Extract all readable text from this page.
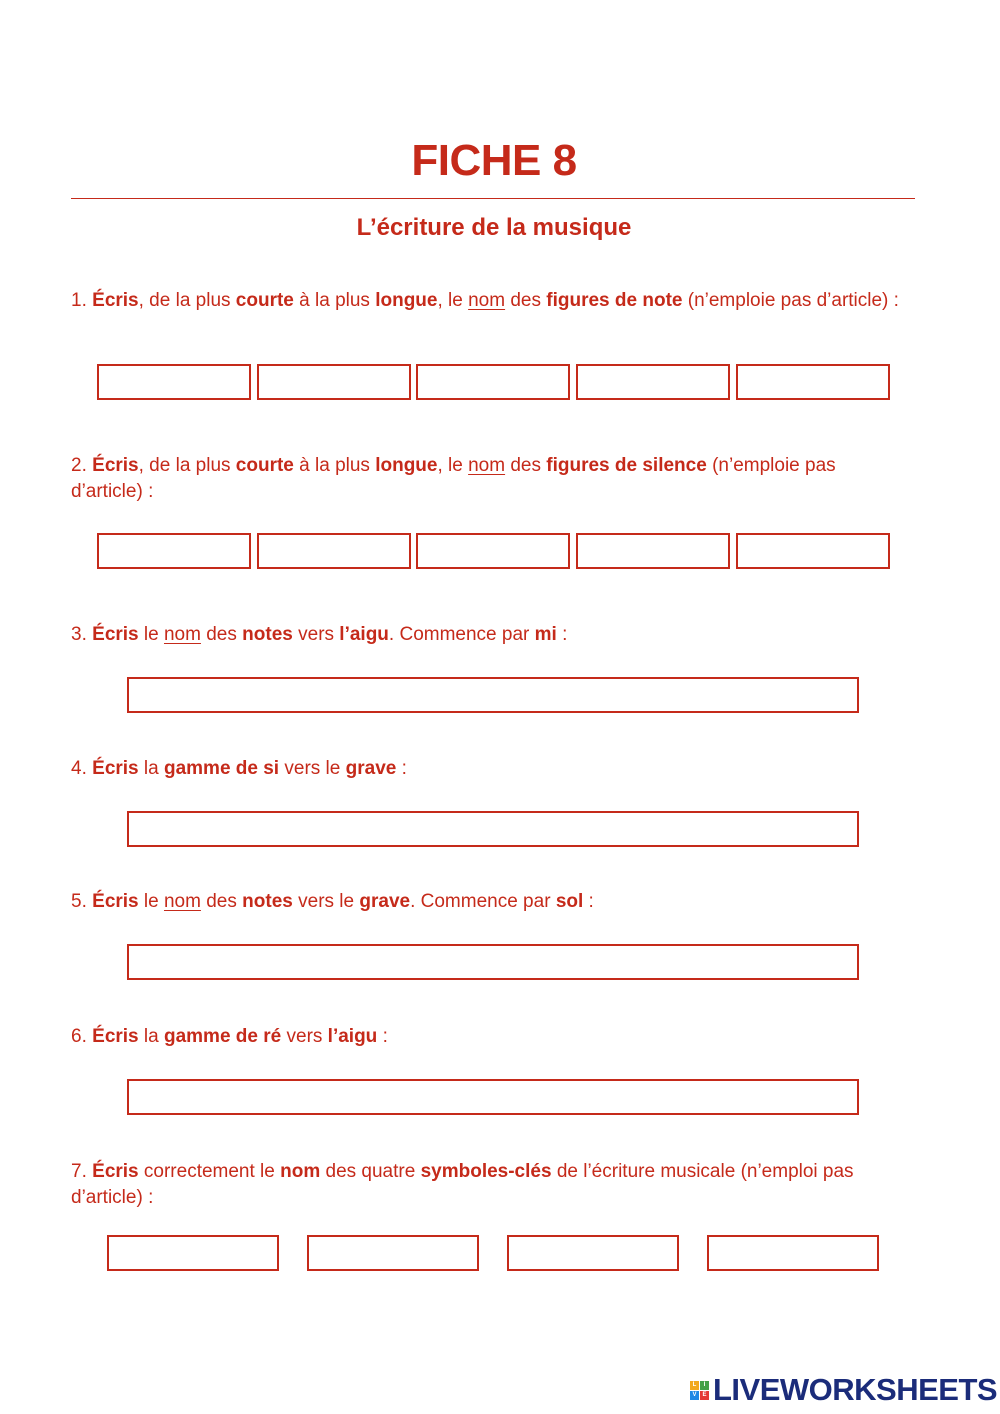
FICHE 8
L’écriture de la musique

1. Écris, de la plus courte à la plus longue, le nom des figures de note (n’emploie pas d’article) :

2. Écris, de la plus courte à la plus longue, le nom des figures de silence (n’emploie pas d’article) :

3. Écris le nom des notes vers l’aigu. Commence par mi :

4. Écris la gamme de si vers le grave :

5. Écris le nom des notes vers le grave. Commence par sol :

6. Écris la gamme de ré vers l’aigu :

7. Écris correctement le nom des quatre symboles-clés de l’écriture musicale (n’emploi pas d’article) :

L	I
V E LIVEWORKSHEETS
